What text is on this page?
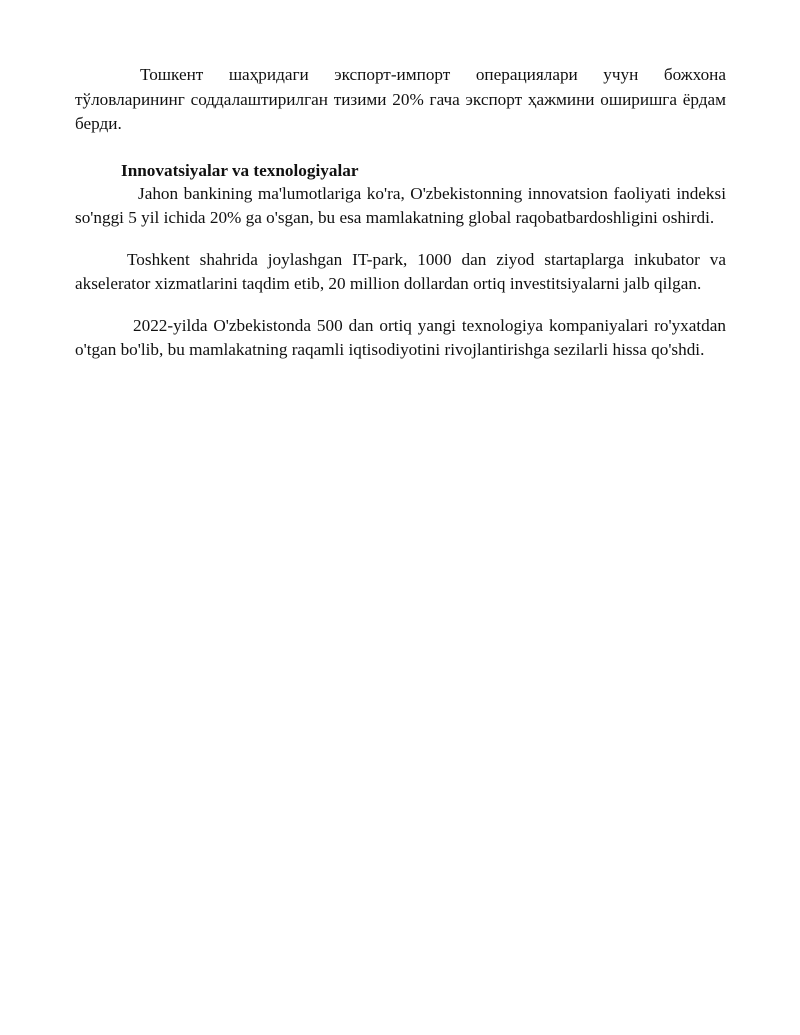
Тошкент шаҳридаги экспорт-импорт операциялари учун божхона тўловларининг соддалаштирилган тизими 20% гача экспорт ҳажмини оширишга ёрдам берди.

Innovatsiyalar va texnologiyalar

Jahon bankining ma'lumotlariga ko'ra, O'zbekistonning innovatsion faoliyati indeksi so'nggi 5 yil ichida 20% ga o'sgan, bu esa mamlakatning global raqobatbardoshligini oshirdi.

Toshkent shahrida joylashgan IT-park, 1000 dan ziyod startaplarga inkubator va akselerator xizmatlarini taqdim etib, 20 million dollardan ortiq investitsiyalarni jalb qilgan.

2022-yilda O'zbekistonda 500 dan ortiq yangi texnologiya kompaniyalari ro'yxatdan o'tgan bo'lib, bu mamlakatning raqamli iqtisodiyotini rivojlantirishga sezilarli hissa qo'shdi.
